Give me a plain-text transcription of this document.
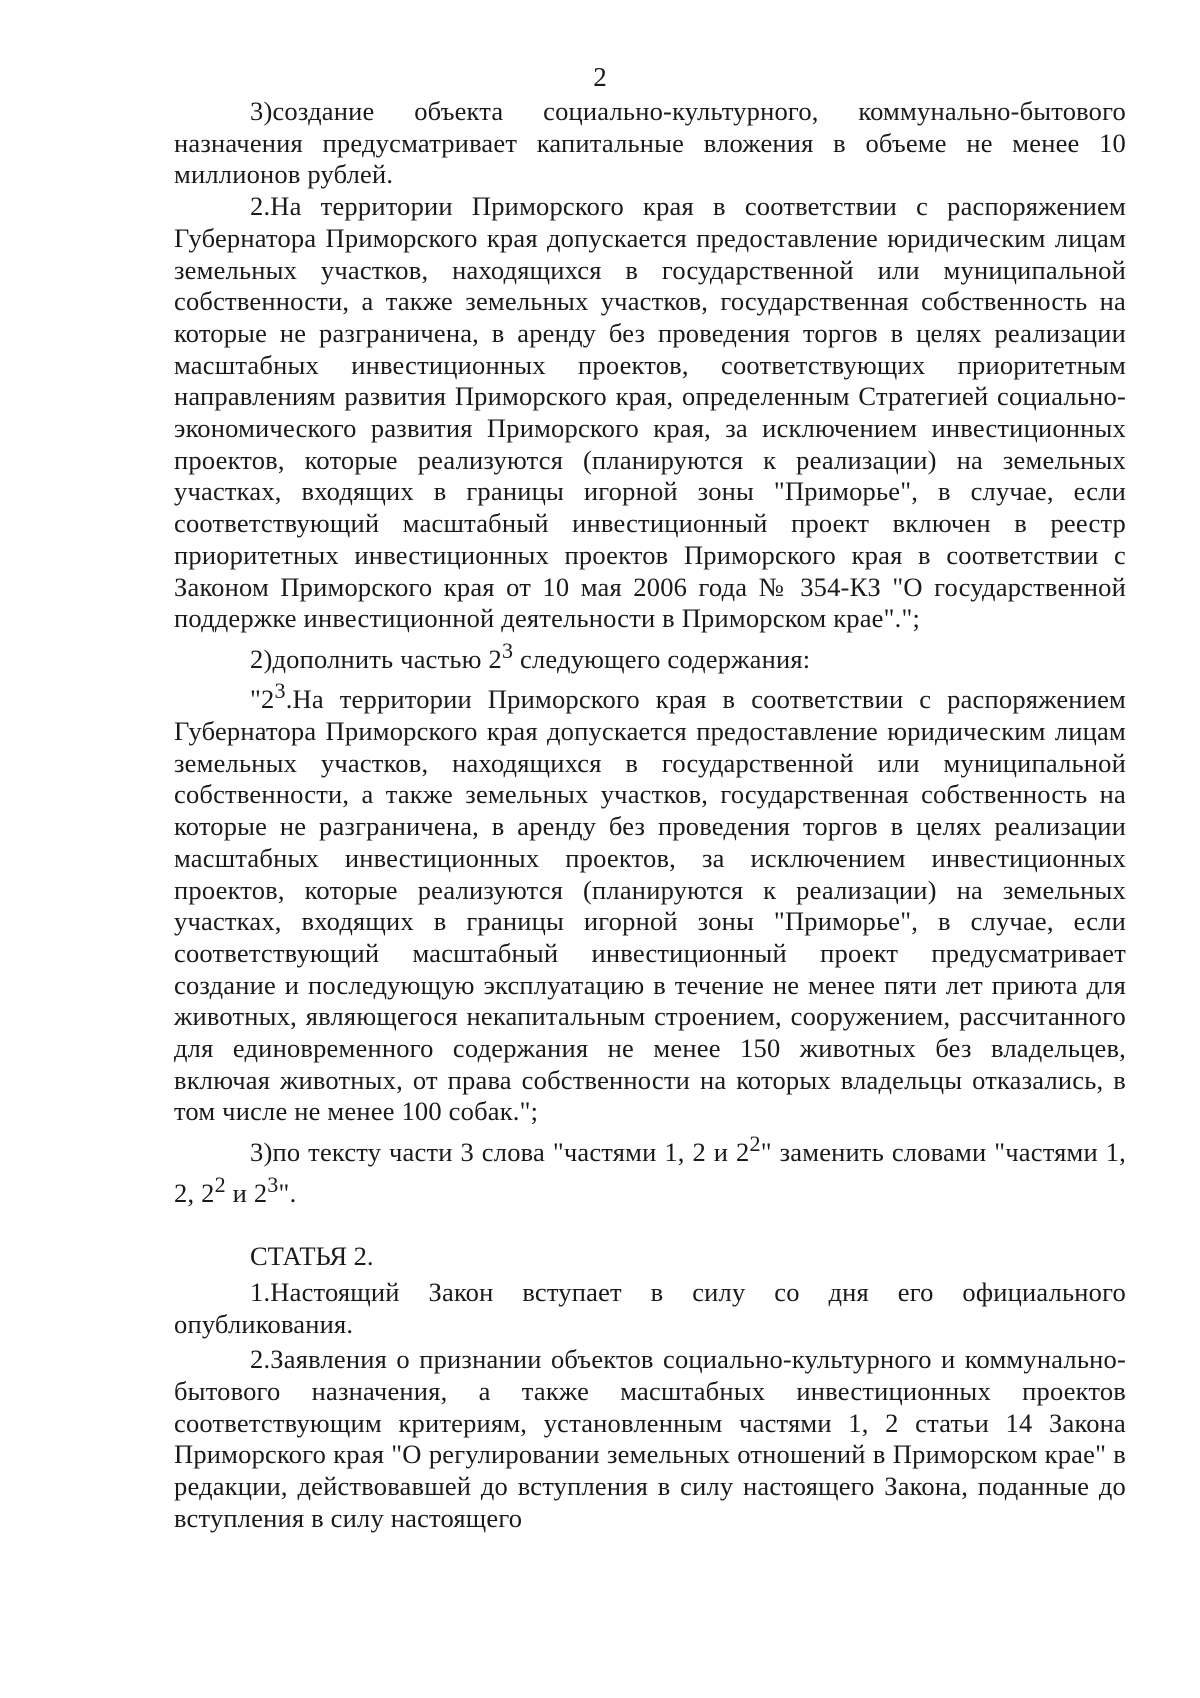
2

3)создание объекта социально-культурного, коммунально-бытового назначения предусматривает капитальные вложения в объеме не менее 10 миллионов рублей.

2.На территории Приморского края в соответствии с распоряжением Губернатора Приморского края допускается предоставление юридическим лицам земельных участков, находящихся в государственной или муниципальной собственности, а также земельных участков, государственная собственность на которые не разграничена, в аренду без проведения торгов в целях реализации масштабных инвестиционных проектов, соответствующих приоритетным направлениям развития Приморского края, определенным Стратегией социально-экономического развития Приморского края, за исключением инвестиционных проектов, которые реализуются (планируются к реализации) на земельных участках, входящих в границы игорной зоны "Приморье", в случае, если соответствующий масштабный инвестиционный проект включен в реестр приоритетных инвестиционных проектов Приморского края в соответствии с Законом Приморского края от 10 мая 2006 года № 354-КЗ "О государственной поддержке инвестиционной деятельности в Приморском крае".";

2)дополнить частью $2^3$ следующего содержания:

"$2^3.На$ территории Приморского края в соответствии с распоряжением Губернатора Приморского края допускается предоставление юридическим лицам земельных участков, находящихся в государственной или муниципальной собственности, а также земельных участков, государственная собственность на которые не разграничена, в аренду без проведения торгов в целях реализации масштабных инвестиционных проектов, за исключением инвестиционных проектов, которые реализуются (планируются к реализации) на земельных участках, входящих в границы игорной зоны "Приморье", в случае, если соответствующий масштабный инвестиционный проект предусматривает создание и последующую эксплуатацию в течение не менее пяти лет приюта для животных, являющегося некапитальным строением, сооружением, рассчитанного для единовременного содержания не менее 150 животных без владельцев, включая животных, от права собственности на которых владельцы отказались, в том числе не менее 100 собак.";

3)по тексту части 3 слова "частями 1, 2 и $2^2$" заменить словами "частями 1, 2, $2^2$ и $2^3$".

СТАТЬЯ 2.

1.Настоящий Закон вступает в силу со дня его официального опубликования.

2.Заявления о признании объектов социально-культурного и коммунально-бытового назначения, а также масштабных инвестиционных проектов соответствующим критериям, установленным частями 1, 2 статьи 14 Закона Приморского края "О регулировании земельных отношений в Приморском крае" в редакции, действовавшей до вступления в силу настоящего Закона, поданные до вступления в силу настоящего
